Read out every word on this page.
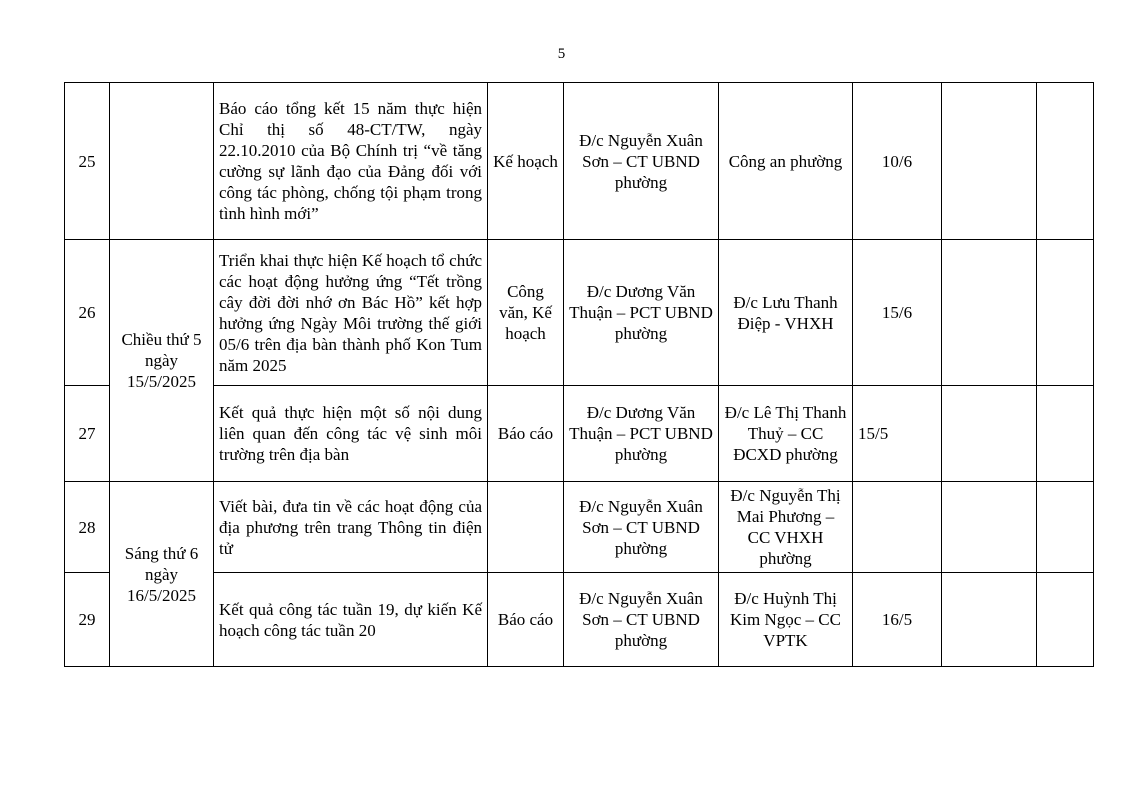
5
25		Báo cáo tổng kết 15 năm thực hiện Chỉ thị số 48-CT/TW, ngày 22.10.2010 của Bộ Chính trị “về tăng cường sự lãnh đạo của Đảng đối với công tác phòng, chống tội phạm trong tình hình mới”	Kế hoạch	Đ/c Nguyễn Xuân Sơn – CT UBND phường	Công an phường	10/6		
26	Chiều thứ 5 ngày 15/5/2025	Triển khai thực hiện Kế hoạch tổ chức các hoạt động hưởng ứng “Tết trồng cây đời đời nhớ ơn Bác Hồ” kết hợp hưởng ứng Ngày Môi trường thế giới 05/6 trên địa bàn thành phố Kon Tum năm 2025	Công văn, Kế hoạch	Đ/c Dương Văn Thuận – PCT UBND phường	Đ/c Lưu Thanh Điệp - VHXH	15/6		
27		Kết quả thực hiện một số nội dung liên quan đến công tác vệ sinh môi trường trên địa bàn	Báo cáo	Đ/c Dương Văn Thuận – PCT UBND phường	Đ/c Lê Thị Thanh Thuỷ – CC ĐCXD phường	15/5		
28	Sáng thứ 6 ngày 16/5/2025	Viết bài, đưa tin về các hoạt động của địa phương trên trang Thông tin điện tử		Đ/c Nguyễn Xuân Sơn – CT UBND phường	Đ/c Nguyễn Thị Mai Phương – CC VHXH phường			
29		Kết quả công tác tuần 19, dự kiến Kế hoạch công tác tuần 20	Báo cáo	Đ/c Nguyễn Xuân Sơn – CT UBND phường	Đ/c Huỳnh Thị Kim Ngọc – CC VPTK	16/5		
